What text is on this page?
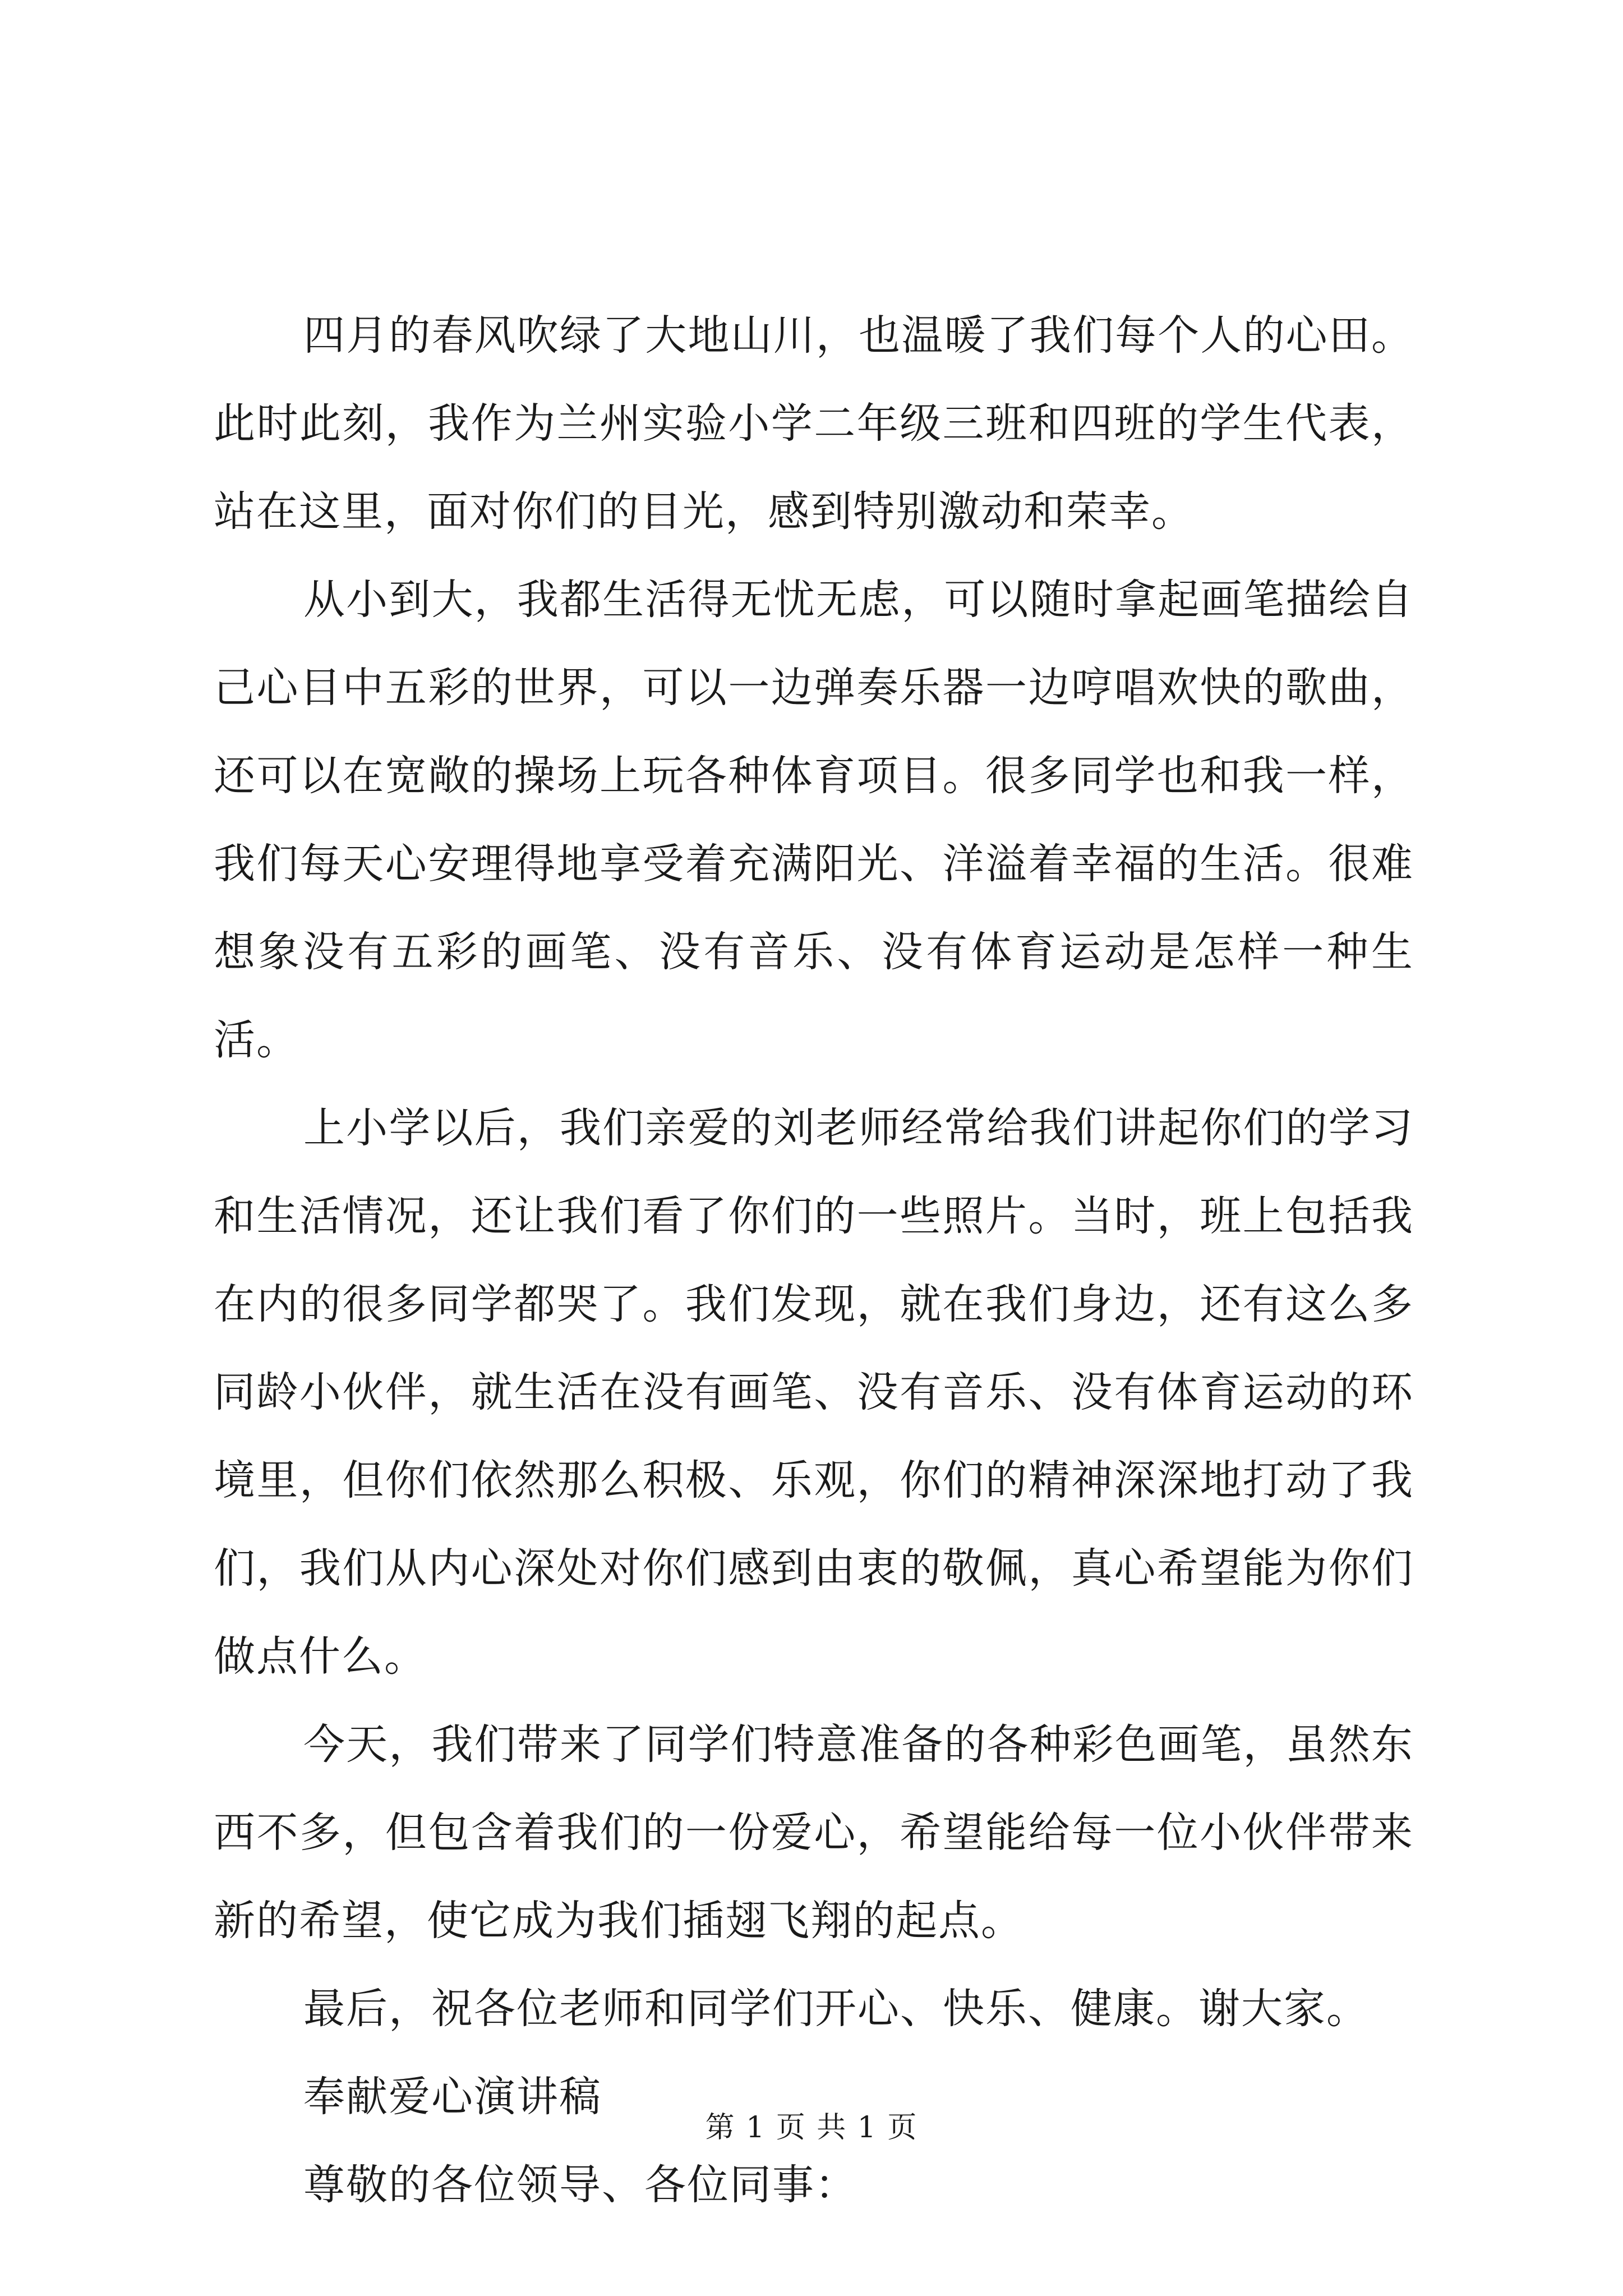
四月的春风吹绿了大地山川，也温暖了我们每个人的心田。此时此刻，我作为兰州实验小学二年级三班和四班的学生代表，站在这里，面对你们的目光，感到特别激动和荣幸。

从小到大，我都生活得无忧无虑，可以随时拿起画笔描绘自己心目中五彩的世界，可以一边弹奏乐器一边哼唱欢快的歌曲，还可以在宽敞的操场上玩各种体育项目。很多同学也和我一样，我们每天心安理得地享受着充满阳光、洋溢着幸福的生活。很难想象没有五彩的画笔、没有音乐、没有体育运动是怎样一种生活。

上小学以后，我们亲爱的刘老师经常给我们讲起你们的学习和生活情况，还让我们看了你们的一些照片。当时，班上包括我在内的很多同学都哭了。我们发现，就在我们身边，还有这么多同龄小伙伴，就生活在没有画笔、没有音乐、没有体育运动的环境里，但你们依然那么积极、乐观，你们的精神深深地打动了我们，我们从内心深处对你们感到由衷的敬佩，真心希望能为你们做点什么。

今天，我们带来了同学们特意准备的各种彩色画笔，虽然东西不多，但包含着我们的一份爱心，希望能给每一位小伙伴带来新的希望，使它成为我们插翅飞翔的起点。

最后，祝各位老师和同学们开心、快乐、健康。谢大家。
奉献爱心演讲稿
尊敬的各位领导、各位同事：
第 1 页 共 1 页
